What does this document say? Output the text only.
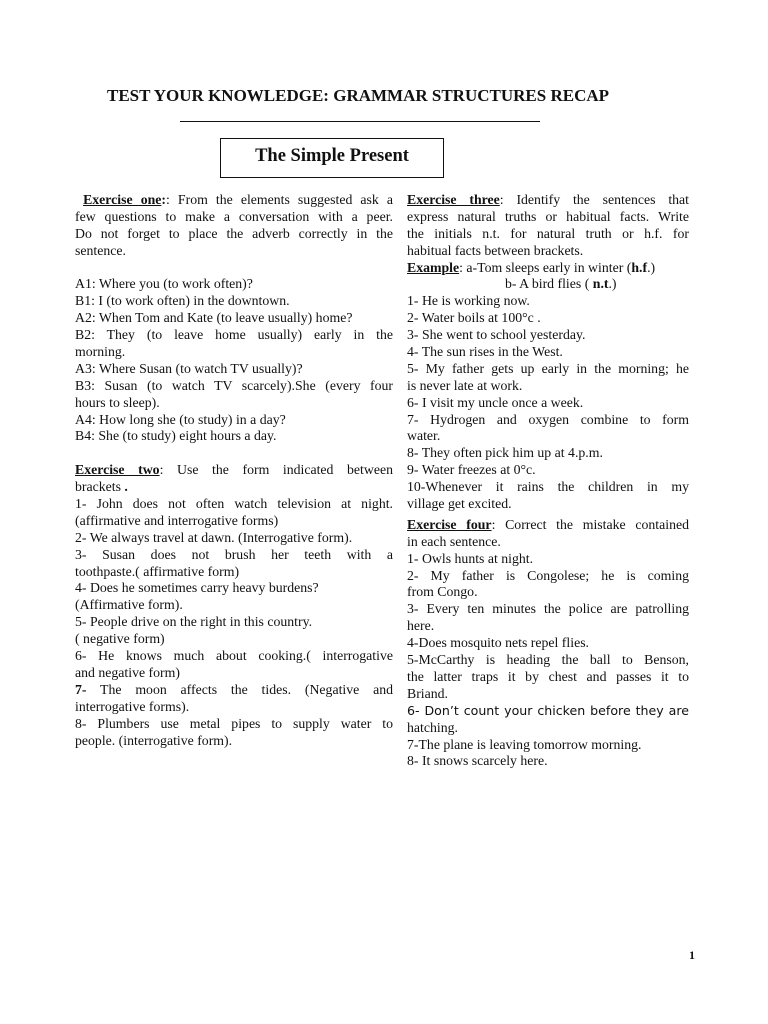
TEST YOUR KNOWLEDGE: GRAMMAR STRUCTURES RECAP
The Simple Present
Exercise one:: From the elements suggested ask a
few questions to make a conversation with a peer.
Do not forget to place the adverb correctly in the
sentence.
A1: Where you (to work often)?
B1: I (to work often) in the downtown.
A2: When Tom and Kate (to leave usually) home?
B2: They (to leave home usually) early in the
morning.
A3: Where Susan (to watch TV usually)?
B3: Susan (to watch TV scarcely).She (every four
hours to sleep).
A4: How long she (to study) in a day?
B4: She (to study) eight hours a day.
Exercise two: Use the form indicated between
brackets .
1- John does not often watch television at night.
(affirmative and interrogative forms)
2- We always travel at dawn. (Interrogative form).
3- Susan does not brush her teeth with a
toothpaste.( affirmative form)
4- Does he sometimes carry heavy burdens?
(Affirmative form).
5- People drive on the right in this country.
( negative form)
6- He knows much about cooking.( interrogative
and negative form)
7- The moon affects the tides. (Negative and
interrogative forms).
8- Plumbers use metal pipes to supply water to
people. (interrogative form).
Exercise three: Identify the sentences that
express natural truths or habitual facts. Write
the initials n.t. for natural truth or h.f. for
habitual facts between brackets.
Example: a-Tom sleeps early in winter (h.f.)
b- A bird flies ( n.t.)
1- He is working now.
2- Water boils at 100°c .
3- She went to school yesterday.
4- The sun rises in the West.
5- My father gets up early in the morning; he
is never late at work.
6- I visit my uncle once a week.
7- Hydrogen and oxygen combine to form
water.
8- They often pick him up at 4.p.m.
9- Water freezes at 0°c.
10-Whenever it rains the children in my
village get excited.
Exercise four: Correct the mistake contained
in each sentence.
1- Owls hunts at night.
2- My father is Congolese; he is coming
from Congo.
3- Every ten minutes the police are patrolling
here.
4-Does mosquito nets repel flies.
5-McCarthy is heading the ball to Benson,
the latter traps it by chest and passes it to
Briand.
6- Don’t count your chicken before they are
hatching.
7-The plane is leaving tomorrow morning.
8- It snows scarcely here.
1
